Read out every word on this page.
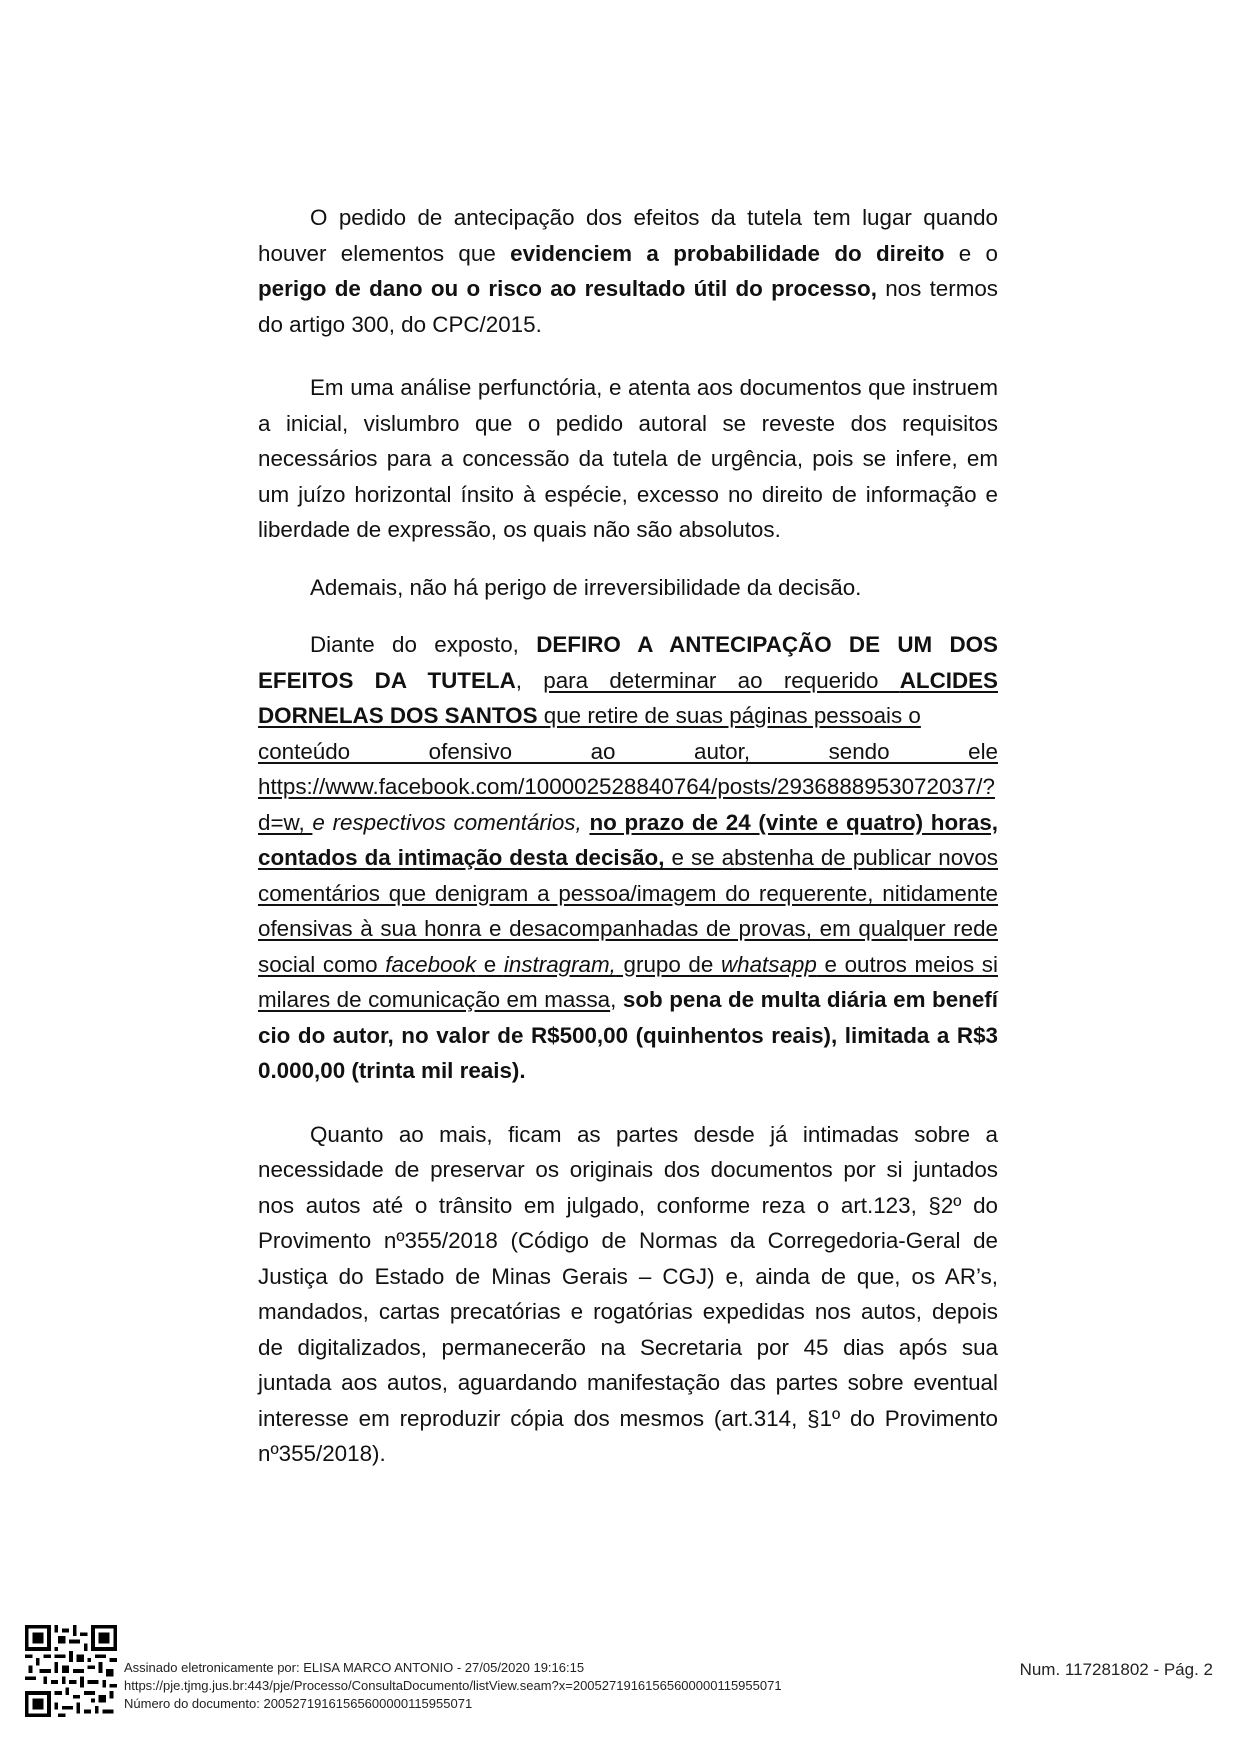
O pedido de antecipação dos efeitos da tutela tem lugar quando houver elementos que evidenciem a probabilidade do direito e o perigo de dano ou o risco ao resultado útil do processo, nos termos do artigo 300, do CPC/2015.

Em uma análise perfunctória, e atenta aos documentos que instruem a inicial, vislumbro que o pedido autoral se reveste dos requisitos necessários para a concessão da tutela de urgência, pois se infere, em um juízo horizontal ínsito à espécie, excesso no direito de informação e liberdade de expressão, os quais não são absolutos.

Ademais, não há perigo de irreversibilidade da decisão.

Diante do exposto, DEFIRO A ANTECIPAÇÃO DE UM DOS EFEITOS DA TUTELA, para determinar ao requerido ALCIDES DORNELAS DOS SANTOS que retire de suas páginas pessoais o

conteúdo ofensivo ao autor, sendo ele

https://www.facebook.com/100002528840764/posts/2936888953072037/?d=w, e respectivos comentários, no prazo de 24 (vinte e quatro) horas, contados da intimação desta decisão, e se abstenha de publicar novos comentários que denigram a pessoa/imagem do requerente, nitidamente ofensivas à sua honra e desacompanhadas de provas, em qualquer rede social como facebook e instragram, grupo de whatsapp e outros meios similares de comunicação em massa, sob pena de multa diária em benefício do autor, no valor de R$500,00 (quinhentos reais), limitada a R$30.000,00 (trinta mil reais).

Quanto ao mais, ficam as partes desde já intimadas sobre a necessidade de preservar os originais dos documentos por si juntados nos autos até o trânsito em julgado, conforme reza o art.123, §2º do Provimento nº355/2018 (Código de Normas da Corregedoria-Geral de Justiça do Estado de Minas Gerais – CGJ) e, ainda de que, os AR’s, mandados, cartas precatórias e rogatórias expedidas nos autos, depois de digitalizados, permanecerão na Secretaria por 45 dias após sua juntada aos autos, aguardando manifestação das partes sobre eventual interesse em reproduzir cópia dos mesmos (art.314, §1º do Provimento nº355/2018).

Assinado eletronicamente por: ELISA MARCO ANTONIO - 27/05/2020 19:16:15
https://pje.tjmg.jus.br:443/pje/Processo/ConsultaDocumento/listView.seam?x=20052719161565600000115955071
Número do documento: 20052719161565600000115955071
Num. 117281802 - Pág. 2
